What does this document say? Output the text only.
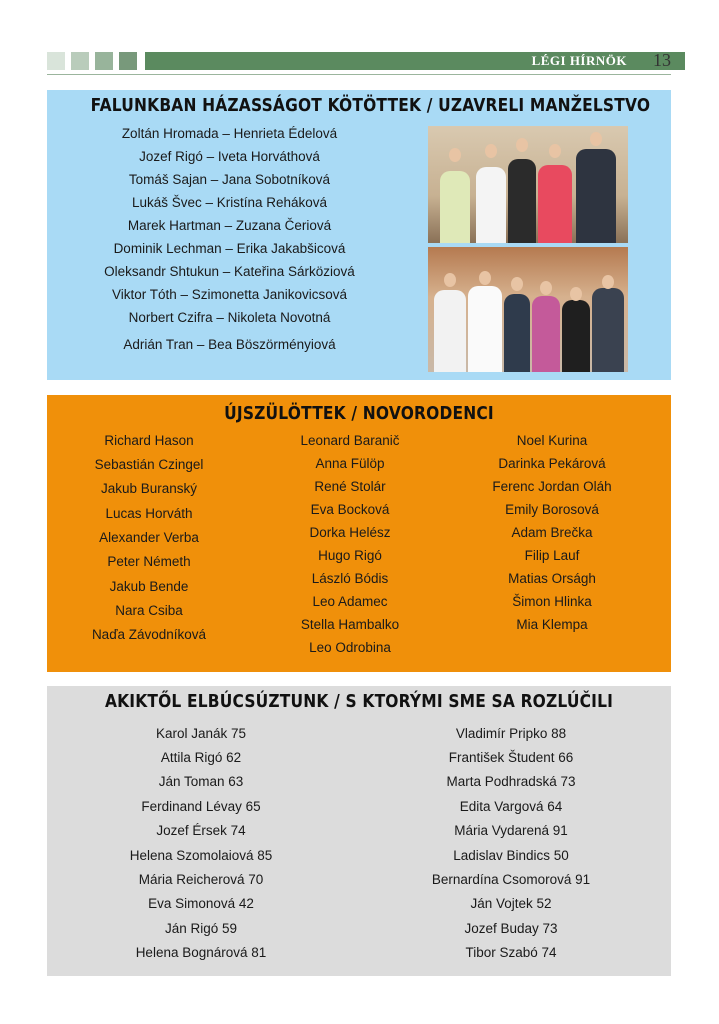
LÉGI HÍRNÖK 13
FALUNKBAN HÁZASSÁGOT KÖTÖTTEK / UZAVRELI MANŽELSTVO
Zoltán Hromada – Henrieta Édelová
Jozef Rigó – Iveta Horváthová
Tomáš Sajan – Jana Sobotníková
Lukáš Švec – Kristína Reháková
Marek Hartman – Zuzana Čeriová
Dominik Lechman – Erika Jakabšicová
Oleksandr Shtukun – Kateřina Sárköziová
Viktor Tóth – Szimonetta Janikovicsová
Norbert Czifra – Nikoleta Novotná
Adrián Tran – Bea Böszörményiová
ÚJSZÜLÖTTEK / NOVORODENCI
Richard Hason
Sebastián Czingel
Jakub Buranský
Lucas Horváth
Alexander Verba
Peter Németh
Jakub Bende
Nara Csiba
Naďa Závodníková
Leonard Baranič
Anna Fülöp
René Stolár
Eva Bocková
Dorka Helész
Hugo Rigó
László Bódis
Leo Adamec
Stella Hambalko
Leo Odrobina
Noel Kurina
Darinka Pekárová
Ferenc Jordan Oláh
Emily Borosová
Adam Brečka
Filip Lauf
Matias Orságh
Šimon Hlinka
Mia Klempa
AKIKTŐL ELBÚCSÚZTUNK / S KTORÝMI SME SA ROZLÚČILI
Karol Janák 75
Attila Rigó 62
Ján Toman 63
Ferdinand Lévay 65
Jozef Érsek 74
Helena Szomolaiová 85
Mária Reicherová 70
Eva Simonová 42
Ján Rigó 59
Helena Bognárová 81
Vladimír Pripko 88
František Študent 66
Marta Podhradská 73
Edita Vargová 64
Mária Vydarená 91
Ladislav Bindics 50
Bernardína Csomorová 91
Ján Vojtek 52
Jozef Buday 73
Tibor Szabó 74
